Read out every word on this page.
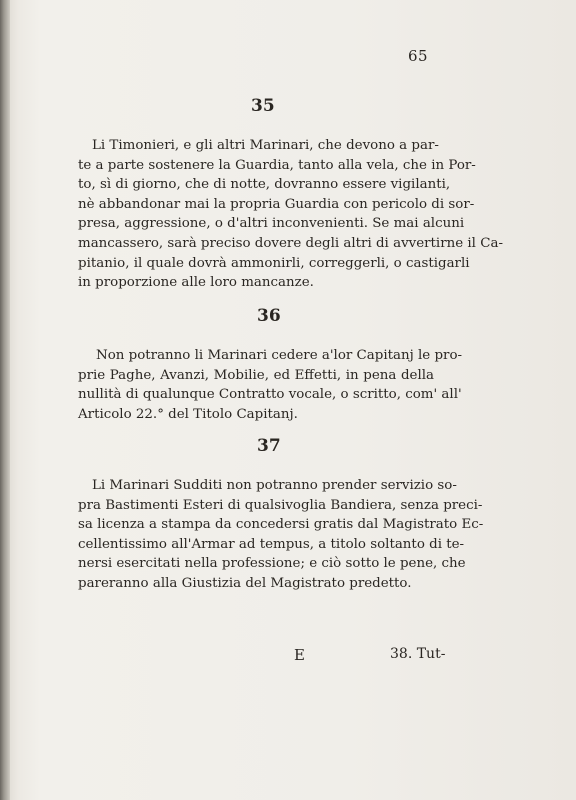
65
35

Li Timonieri, e gli altri Marinari, che devono a par-
te a parte sostenere la Guardia, tanto alla vela, che in Por-
to, sì di giorno, che di notte, dovranno essere vigilanti,
nè abbandonar mai la propria Guardia con pericolo di sor-
presa, aggressione, o d'altri inconvenienti. Se mai alcuni
mancassero, sarà preciso dovere degli altri di avvertirne il Ca-
pitanio, il quale dovrà ammonirli, correggerli, o castigarli
in proporzione alle loro mancanze.

36

Non potranno li Marinari cedere a'lor Capitanj le pro-
prie Paghe, Avanzi, Mobilie, ed Effetti, in pena della
nullità di qualunque Contratto vocale, o scritto, com' all'
Articolo 22.° del Titolo Capitanj.

37

Li Marinari Sudditi non potranno prender servizio so-
pra Bastimenti Esteri di qualsivoglia Bandiera, senza preci-
sa licenza a stampa da concedersi gratis dal Magistrato Ec-
cellentissimo all'Armar ad tempus, a titolo soltanto di te-
nersi esercitati nella professione; e ciò sotto le pene, che
pareranno alla Giustizia del Magistrato predetto.

E	38. Tut-
